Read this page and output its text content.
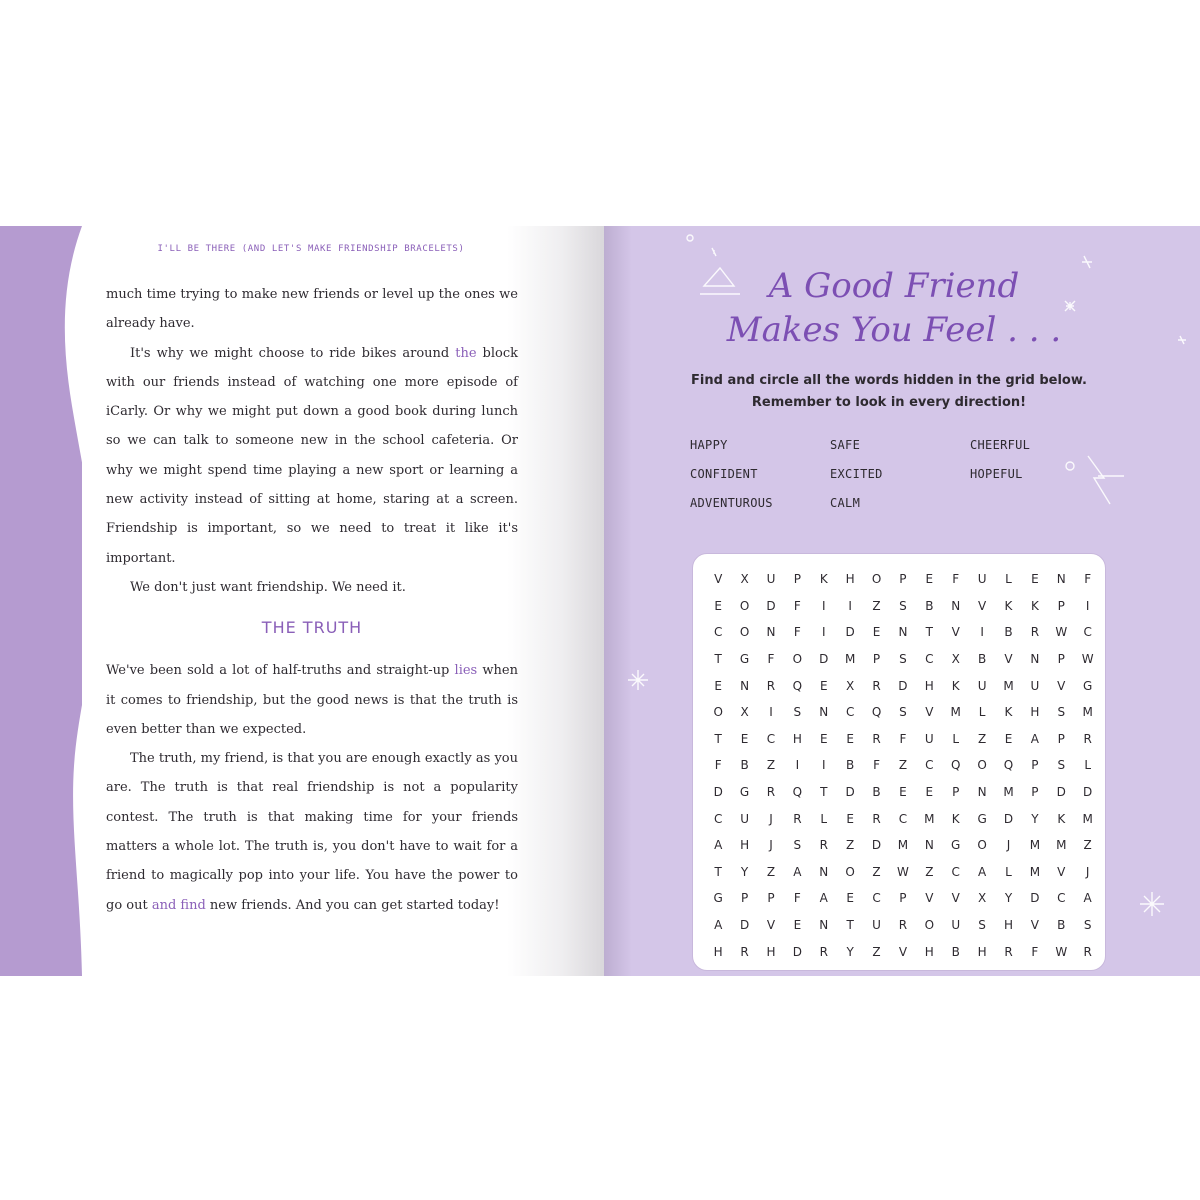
I'LL BE THERE (AND LET'S MAKE FRIENDSHIP BRACELETS)

much time trying to make new friends or level up the ones we already have.

It's why we might choose to ride bikes around the block with our friends instead of watching one more episode of iCarly. Or why we might put down a good book during lunch so we can talk to someone new in the school cafeteria. Or why we might spend time playing a new sport or learning a new activity instead of sitting at home, staring at a screen. Friendship is important, so we need to treat it like it's important.

We don't just want friendship. We need it.

THE TRUTH

We've been sold a lot of half-truths and straight-up lies when it comes to friendship, but the good news is that the truth is even better than we expected.

The truth, my friend, is that you are enough exactly as you are. The truth is that real friendship is not a popularity contest. The truth is that making time for your friends matters a whole lot. The truth is, you don't have to wait for a friend to magically pop into your life. You have the power to go out and find new friends. And you can get started today!

A Good Friend
Makes You Feel . . .
Find and circle all the words hidden in the grid below.
Remember to look in every direction!
HAPPY	SAFE	CHEERFUL
CONFIDENT	EXCITED	HOPEFUL
ADVENTUROUS	CALM
V	X	U	P	K	H	O	P	E	F	U	L	E	N	F
E	O	D	F	I	I	Z	S	B	N	V	K	K	P	I
C	O	N	F	I	D	E	N	T	V	I	B	R	W	C
T	G	F	O	D	M	P	S	C	X	B	V	N	P	W
E	N	R	Q	E	X	R	D	H	K	U	M	U	V	G
O	X	I	S	N	C	Q	S	V	M	L	K	H	S	M
T	E	C	H	E	E	R	F	U	L	Z	E	A	P	R
F	B	Z	I	I	B	F	Z	C	Q	O	Q	P	S	L
D	G	R	Q	T	D	B	E	E	P	N	M	P	D	D
C	U	J	R	L	E	R	C	M	K	G	D	Y	K	M
A	H	J	S	R	Z	D	M	N	G	O	J	M	M	Z
T	Y	Z	A	N	O	Z	W	Z	C	A	L	M	V	J
G	P	P	F	A	E	C	P	V	V	X	Y	D	C	A
A	D	V	E	N	T	U	R	O	U	S	H	V	B	S
H	R	H	D	R	Y	Z	V	H	B	H	R	F	W	R
